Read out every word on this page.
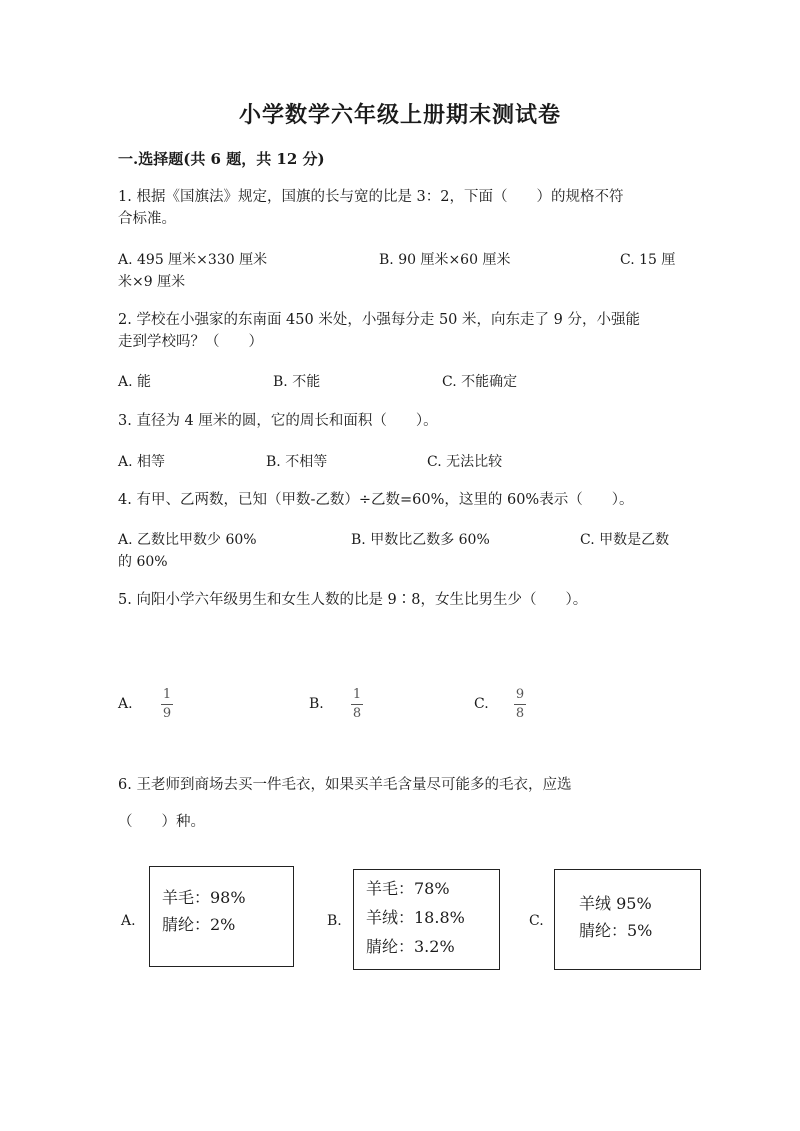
小学数学六年级上册期末测试卷
一.选择题(共 6 题，共 12 分)
1. 根据《国旗法》规定，国旗的长与宽的比是 3：2，下面（　　）的规格不符
合标准。
A. 495 厘米×330 厘米	B. 90 厘米×60 厘米	C. 15 厘
米×9 厘米
2. 学校在小强家的东南面 450 米处，小强每分走 50 米，向东走了 9 分，小强能
走到学校吗？（　　）
A. 能	B. 不能	C. 不能确定
3. 直径为 4 厘米的圆，它的周长和面积（　　）。
A. 相等	B. 不相等	C. 无法比较
4. 有甲、乙两数，已知（甲数-乙数）÷乙数=60%，这里的 60%表示（　　）。
A. 乙数比甲数少 60%	B. 甲数比乙数多 60%	C. 甲数是乙数
的 60%
5. 向阳小学六年级男生和女生人数的比是 9∶8，女生比男生少（　　）。
A.
1
9
B.
1
8
C.
9
8
6. 王老师到商场去买一件毛衣，如果买羊毛含量尽可能多的毛衣，应选
（　　）种。
A.
羊毛：98%
腈纶：2%	B.
羊毛：78%
羊绒：18.8%
腈纶：3.2%
C.
羊绒 95%
腈纶：5%
